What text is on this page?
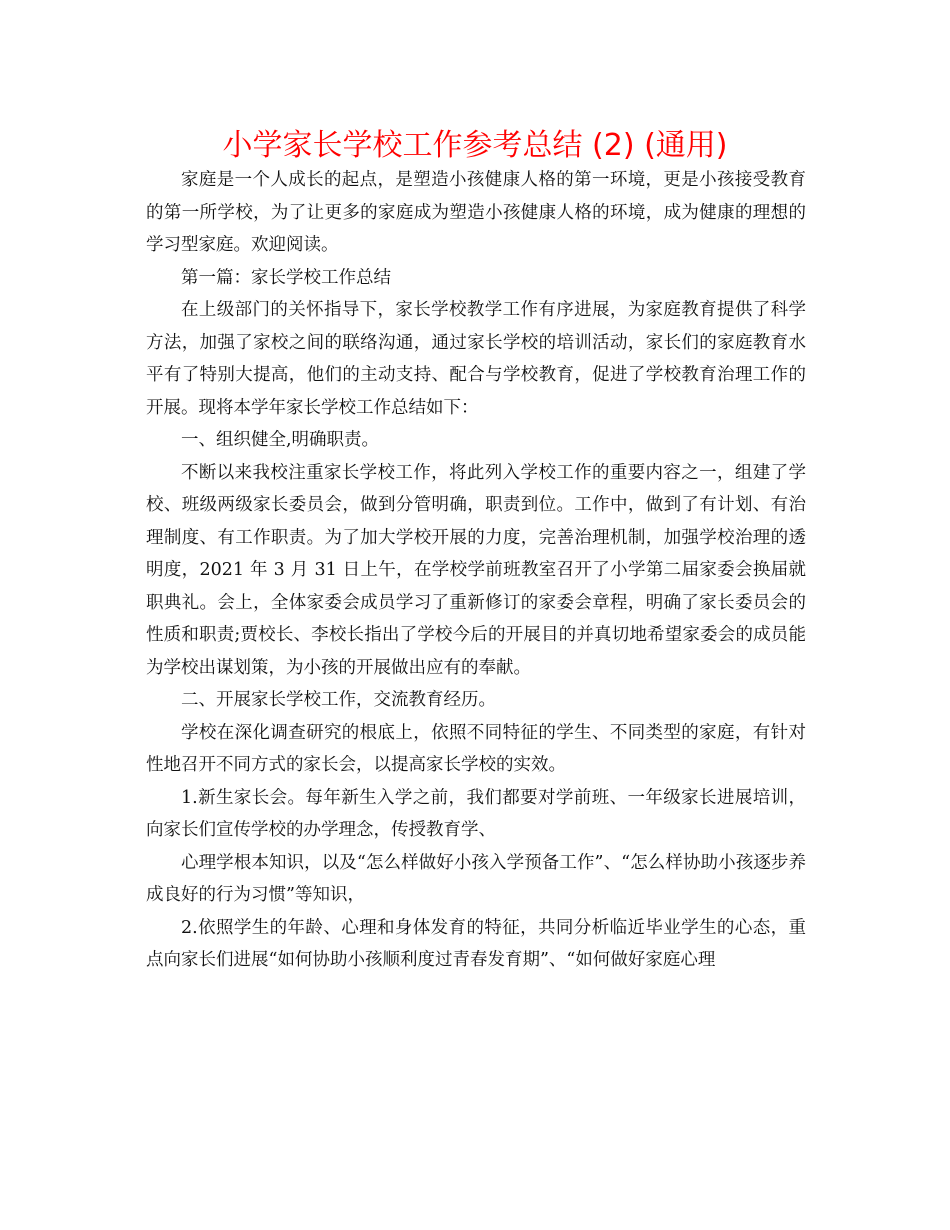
小学家长学校工作参考总结 (2) (通用)

家庭是一个人成长的起点，是塑造小孩健康人格的第一环境，更是小孩接受教育的第一所学校，为了让更多的家庭成为塑造小孩健康人格的环境，成为健康的理想的学习型家庭。欢迎阅读。

第一篇：家长学校工作总结

在上级部门的关怀指导下，家长学校教学工作有序进展，为家庭教育提供了科学方法，加强了家校之间的联络沟通，通过家长学校的培训活动，家长们的家庭教育水平有了特别大提高，他们的主动支持、配合与学校教育，促进了学校教育治理工作的开展。现将本学年家长学校工作总结如下：

一、组织健全,明确职责。

不断以来我校注重家长学校工作，将此列入学校工作的重要内容之一，组建了学校、班级两级家长委员会，做到分管明确，职责到位。工作中，做到了有计划、有治理制度、有工作职责。为了加大学校开展的力度，完善治理机制，加强学校治理的透明度，2021 年 3 月 31 日上午，在学校学前班教室召开了小学第二届家委会换届就职典礼。会上，全体家委会成员学习了重新修订的家委会章程，明确了家长委员会的性质和职责;贾校长、李校长指出了学校今后的开展目的并真切地希望家委会的成员能为学校出谋划策，为小孩的开展做出应有的奉献。

二、开展家长学校工作，交流教育经历。

学校在深化调查研究的根底上，依照不同特征的学生、不同类型的家庭，有针对性地召开不同方式的家长会，以提高家长学校的实效。

1.新生家长会。每年新生入学之前，我们都要对学前班、一年级家长进展培训，向家长们宣传学校的办学理念，传授教育学、

心理学根本知识，以及“怎么样做好小孩入学预备工作”、“怎么样协助小孩逐步养成良好的行为习惯”等知识，

2.依照学生的年龄、心理和身体发育的特征，共同分析临近毕业学生的心态，重点向家长们进展“如何协助小孩顺利度过青春发育期”、“如何做好家庭心理
